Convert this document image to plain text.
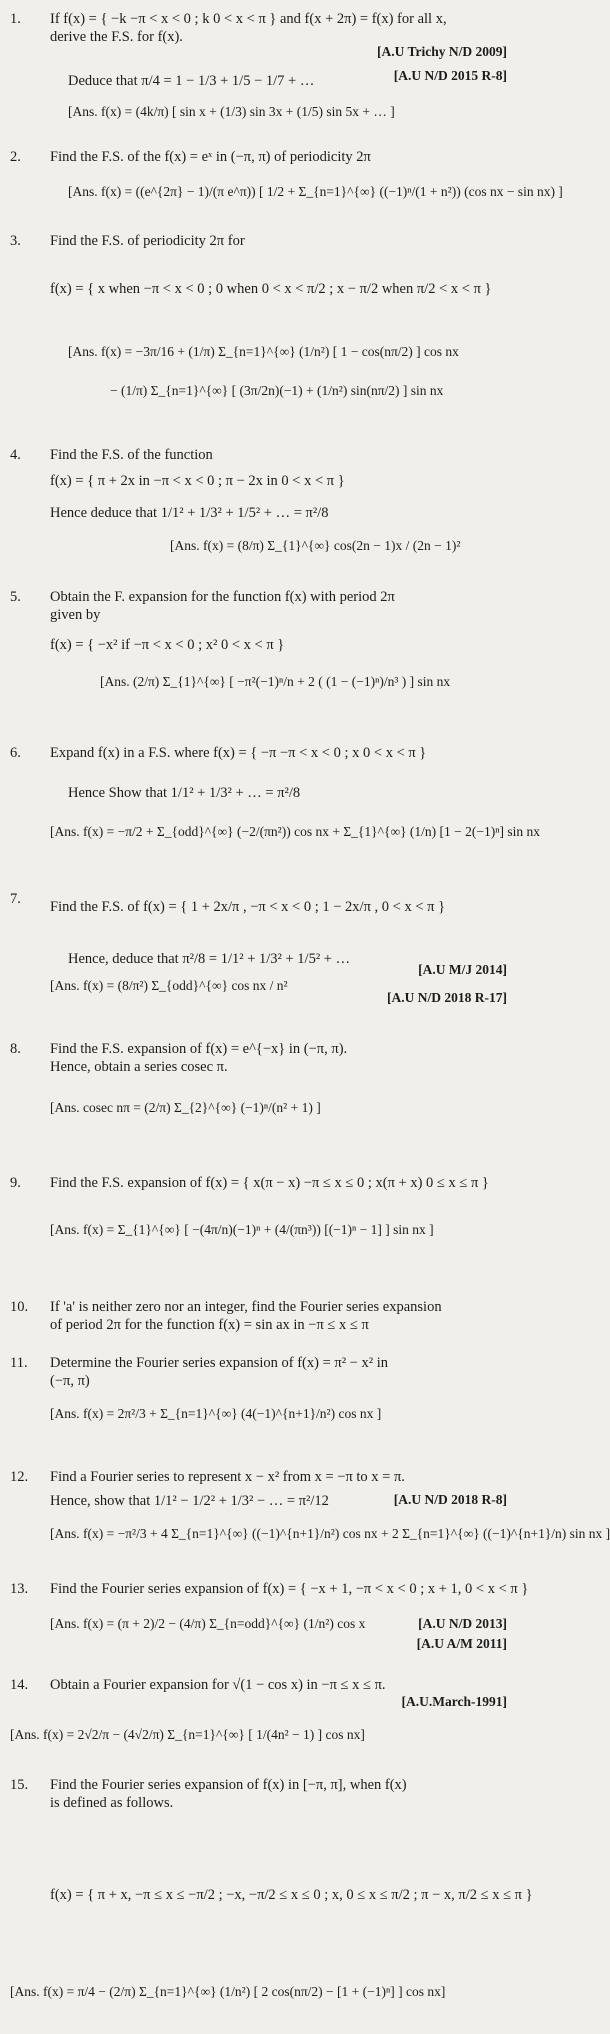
1.	If f(x) = { −k −π < x < 0 ; k 0 < x < π } and f(x + 2π) = f(x) for all x,
derive the F.S. for f(x).
[A.U Trichy N/D 2009]
[A.U N/D 2015 R-8]
Deduce that π/4 = 1 − 1/3 + 1/5 − 1/7 + …
[Ans. f(x) = (4k/π) [ sin x + (1/3) sin 3x + (1/5) sin 5x + … ]
2.	Find the F.S. of the f(x) = eˣ in (−π, π) of periodicity 2π
[Ans. f(x) = ((e^{2π} − 1)/(π e^π)) [ 1/2 + Σ_{n=1}^{∞} ((−1)ⁿ/(1 + n²)) (cos nx − sin nx) ]
3.	Find the F.S. of periodicity 2π for
f(x) = { x when −π < x < 0 ; 0 when 0 < x < π/2 ; x − π/2 when π/2 < x < π }
[Ans. f(x) = −3π/16 + (1/π) Σ_{n=1}^{∞} (1/n²) [ 1 − cos(nπ/2) ] cos nx
− (1/π) Σ_{n=1}^{∞} [ (3π/2n)(−1) + (1/n²) sin(nπ/2) ] sin nx
4.	Find the F.S. of the function
f(x) = { π + 2x in −π < x < 0 ; π − 2x in 0 < x < π }
Hence deduce that 1/1² + 1/3² + 1/5² + … = π²/8
[Ans. f(x) = (8/π) Σ_{1}^{∞} cos(2n − 1)x / (2n − 1)²
5.	Obtain the F. expansion for the function f(x) with period 2π
given by
f(x) = { −x² if −π < x < 0 ; x² 0 < x < π }
[Ans. (2/π) Σ_{1}^{∞} [ −π²(−1)ⁿ/n + 2 ( (1 − (−1)ⁿ)/n³ ) ] sin nx
6.	Expand f(x) in a F.S. where f(x) = { −π −π < x < 0 ; x 0 < x < π }
Hence Show that 1/1² + 1/3² + … = π²/8
[Ans. f(x) = −π/2 + Σ_{odd}^{∞} (−2/(πn²)) cos nx + Σ_{1}^{∞} (1/n) [1 − 2(−1)ⁿ] sin nx
7.	Find the F.S. of f(x) = { 1 + 2x/π , −π < x < 0 ; 1 − 2x/π , 0 < x < π }
Hence, deduce that π²/8 = 1/1² + 1/3² + 1/5² + …
[A.U M/J 2014]
[Ans. f(x) = (8/π²) Σ_{odd}^{∞} cos nx / n²
[A.U N/D 2018 R-17]
8.	Find the F.S. expansion of f(x) = e^{−x} in (−π, π).
Hence, obtain a series cosec π.
[Ans. cosec nπ = (2/π) Σ_{2}^{∞} (−1)ⁿ/(n² + 1) ]
9.	Find the F.S. expansion of f(x) = { x(π − x) −π ≤ x ≤ 0 ; x(π + x) 0 ≤ x ≤ π }
[Ans. f(x) = Σ_{1}^{∞} [ −(4π/n)(−1)ⁿ + (4/(πn³)) [(−1)ⁿ − 1] ] sin nx ]
10.	If 'a' is neither zero nor an integer, find the Fourier series expansion
of period 2π for the function f(x) = sin ax in −π ≤ x ≤ π
11.	Determine the Fourier series expansion of f(x) = π² − x² in
(−π, π)
[Ans. f(x) = 2π²/3 + Σ_{n=1}^{∞} (4(−1)^{n+1}/n²) cos nx ]
12.	Find a Fourier series to represent x − x² from x = −π to x = π.
Hence, show that 1/1² − 1/2² + 1/3² − … = π²/12	[A.U N/D 2018 R-8]
[Ans. f(x) = −π²/3 + 4 Σ_{n=1}^{∞} ((−1)^{n+1}/n²) cos nx + 2 Σ_{n=1}^{∞} ((−1)^{n+1}/n) sin nx ]
13.	Find the Fourier series expansion of f(x) = { −x + 1, −π < x < 0 ; x + 1, 0 < x < π }
[Ans. f(x) = (π + 2)/2 − (4/π) Σ_{n=odd}^{∞} (1/n²) cos x	[A.U N/D 2013]
[A.U A/M 2011]
14.	Obtain a Fourier expansion for √(1 − cos x) in −π ≤ x ≤ π.
[A.U.March-1991]
[Ans. f(x) = 2√2/π − (4√2/π) Σ_{n=1}^{∞} [ 1/(4n² − 1) ] cos nx]
15.	Find the Fourier series expansion of f(x) in [−π, π], when f(x)
is defined as follows.
f(x) = { π + x, −π ≤ x ≤ −π/2 ; −x, −π/2 ≤ x ≤ 0 ; x, 0 ≤ x ≤ π/2 ; π − x, π/2 ≤ x ≤ π }
[Ans. f(x) = π/4 − (2/π) Σ_{n=1}^{∞} (1/n²) [ 2 cos(nπ/2) − [1 + (−1)ⁿ] ] cos nx]
